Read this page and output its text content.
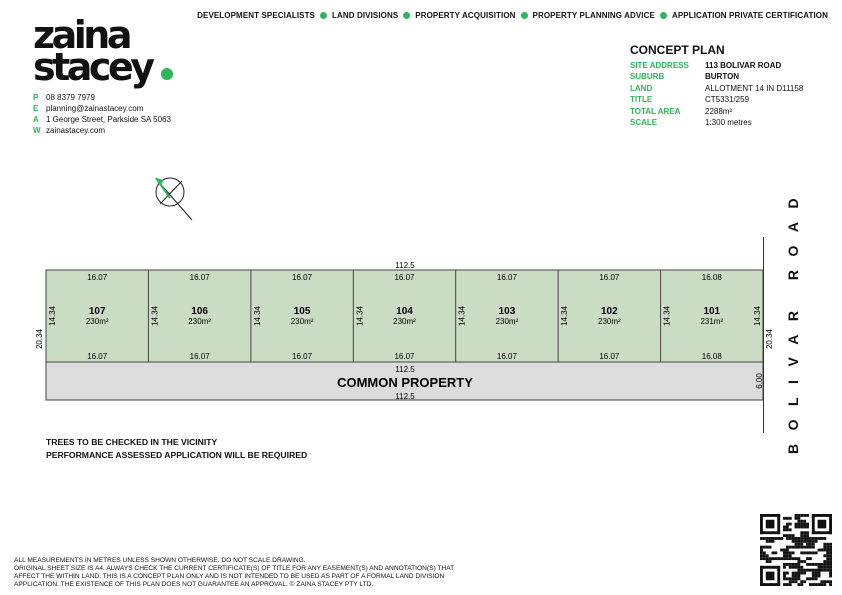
DEVELOPMENT SPECIALISTS LAND DIVISIONS PROPERTY ACQUISITION PROPERTY PLANNING ADVICE APPLICATION PRIVATE CERTIFICATION
zaina
stacey
P 08 8379 7979
E planning@zainastacey.com
A 1 George Street, Parkside SA 5063
W zainastacey.com
CONCEPT PLAN
SITE ADDRESS	113 BOLIVAR ROAD
SUBURB	BURTON
LAND	ALLOTMENT 14 IN D11158
TITLE	CT5331/259
TOTAL AREA	2288m²
SCALE	1:300 metres
112.5
112.5
112.5
COMMON PROPERTY
20.34	20.34
6.00
14.34
16.07
16.07
107
230m²
14.34
16.07
16.07
106
230m²
14.34
16.07
16.07
105
230m²
14.34
16.07
16.07
104
230m²
14.34
16.07
16.07
103
230m²
14.34
16.07
16.07
102
230m²
14.34
16.08
16.08
101
231m²
14.34	BOLIVAR ROAD
TREES TO BE CHECKED IN THE VICINITY
PERFORMANCE ASSESSED APPLICATION WILL BE REQUIRED
ALL MEASUREMENTS IN METRES UNLESS SHOWN OTHERWISE. DO NOT SCALE DRAWING.
ORIGINAL SHEET SIZE IS A4. ALWAYS CHECK THE CURRENT CERTIFICATE(S) OF TITLE FOR ANY EASEMENT(S) AND ANNOTATION(S) THAT
AFFECT THE WITHIN LAND. THIS IS A CONCEPT PLAN ONLY AND IS NOT INTENDED TO BE USED AS PART OF A FORMAL LAND DIVISION
APPLICATION. THE EXISTENCE OF THIS PLAN DOES NOT GUARANTEE AN APPROVAL. © ZAINA STACEY PTY LTD.
